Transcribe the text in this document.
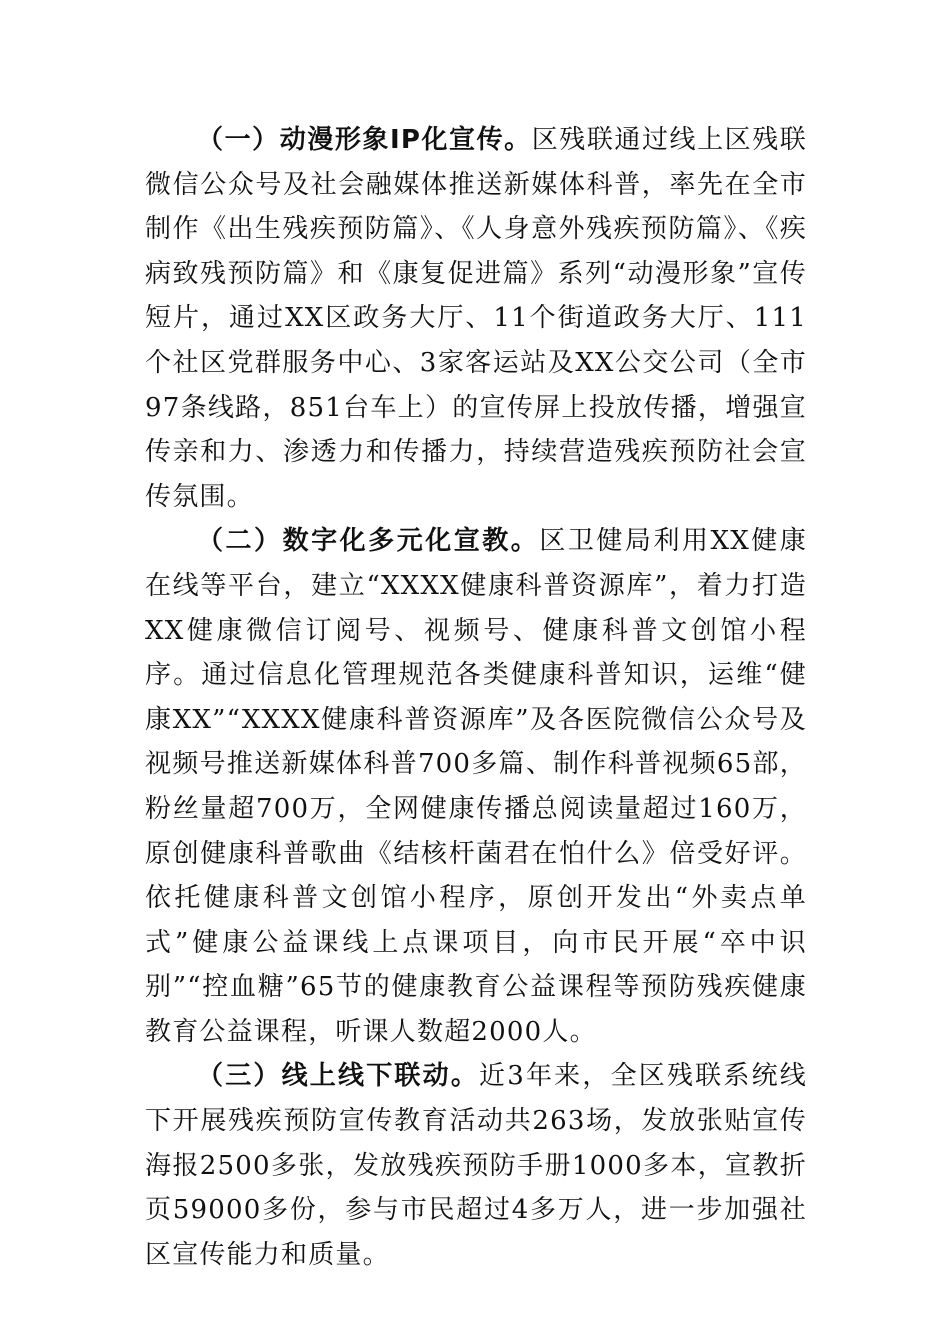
（一）动漫形象IP化宣传。区残联通过线上区残联微信公众号及社会融媒体推送新媒体科普，率先在全市制作《出生残疾预防篇》、《人身意外残疾预防篇》、《疾病致残预防篇》和《康复促进篇》系列“动漫形象”宣传短片，通过XX区政务大厅、11个街道政务大厅、111个社区党群服务中心、3家客运站及XX公交公司（全市97条线路，851台车上）的宣传屏上投放传播，增强宣传亲和力、渗透力和传播力，持续营造残疾预防社会宣传氛围。

（二）数字化多元化宣教。区卫健局利用XX健康在线等平台，建立“XXXX健康科普资源库”，着力打造XX健康微信订阅号、视频号、健康科普文创馆小程序。通过信息化管理规范各类健康科普知识，运维“健康XX”“XXXX健康科普资源库”及各医院微信公众号及视频号推送新媒体科普700多篇、制作科普视频65部，粉丝量超700万，全网健康传播总阅读量超过160万，原创健康科普歌曲《结核杆菌君在怕什么》倍受好评。依托健康科普文创馆小程序，原创开发出“外卖点单式”健康公益课线上点课项目，向市民开展“卒中识别”“控血糖”65节的健康教育公益课程等预防残疾健康教育公益课程，听课人数超2000人。

（三）线上线下联动。近3年来，全区残联系统线下开展残疾预防宣传教育活动共263场，发放张贴宣传海报2500多张，发放残疾预防手册1000多本，宣教折页59000多份，参与市民超过4多万人，进一步加强社区宣传能力和质量。
